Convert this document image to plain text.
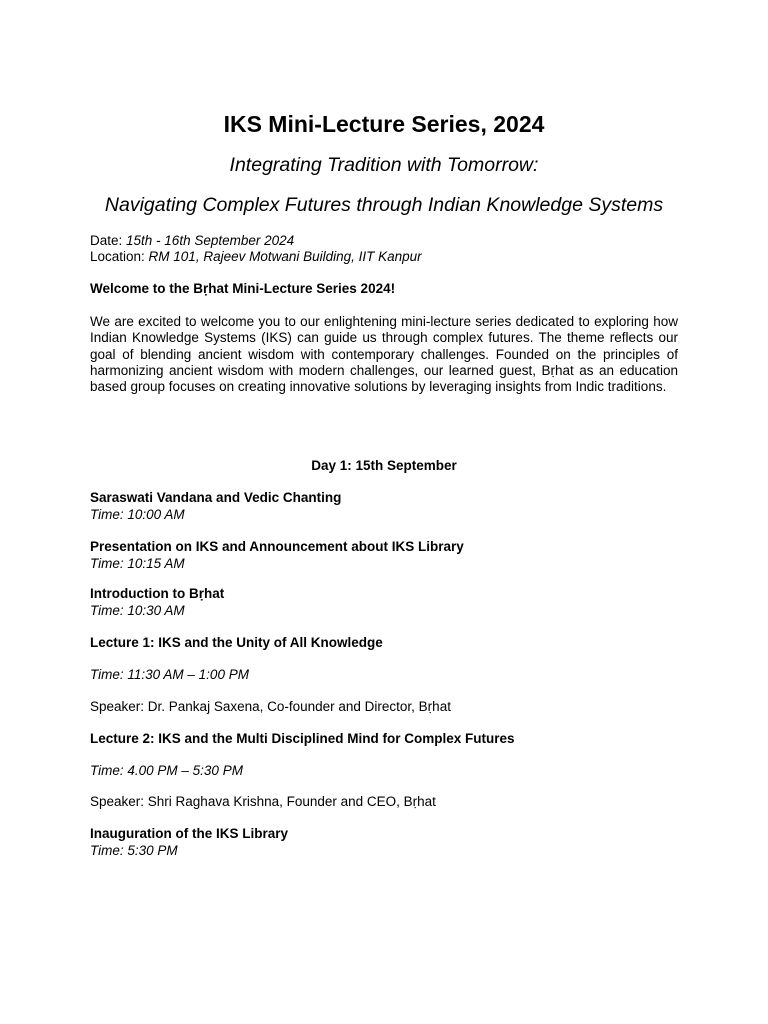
IKS Mini-Lecture Series, 2024
Integrating Tradition with Tomorrow:
Navigating Complex Futures through Indian Knowledge Systems
Date: 15th - 16th September 2024
Location: RM 101, Rajeev Motwani Building, IIT Kanpur
Welcome to the Bṛhat Mini-Lecture Series 2024!
We are excited to welcome you to our enlightening mini-lecture series dedicated to exploring how Indian Knowledge Systems (IKS) can guide us through complex futures. The theme reflects our goal of blending ancient wisdom with contemporary challenges. Founded on the principles of harmonizing ancient wisdom with modern challenges, our learned guest, Bṛhat as an education based group focuses on creating innovative solutions by leveraging insights from Indic traditions.
Day 1: 15th September
Saraswati Vandana and Vedic Chanting
Time: 10:00 AM
Presentation on IKS and Announcement about IKS Library
Time: 10:15 AM
Introduction to Bṛhat
Time: 10:30 AM
Lecture 1: IKS and the Unity of All Knowledge
Time: 11:30 AM – 1:00 PM
Speaker: Dr. Pankaj Saxena, Co-founder and Director, Bṛhat
Lecture 2: IKS and the Multi Disciplined Mind for Complex Futures
Time: 4.00 PM – 5:30 PM
Speaker: Shri Raghava Krishna, Founder and CEO, Bṛhat
Inauguration of the IKS Library
Time: 5:30 PM
